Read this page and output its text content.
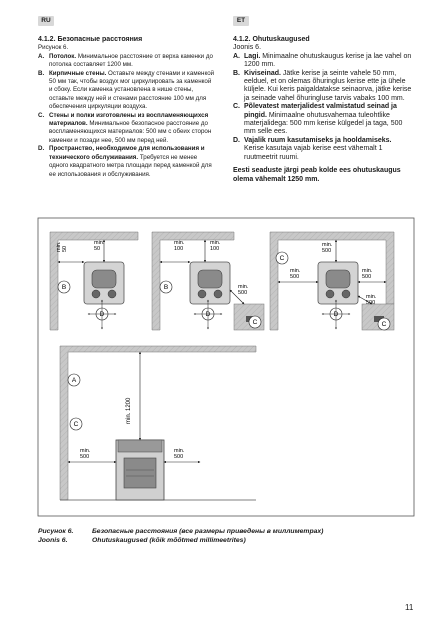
RU	ET

4.1.2. Безопасные расстояния

Рисунок 6.

A. Потолок. Минимальное расстояние от верха каменки до потолка составляет 1200 мм.
B. Кирпичные стены. Оставьте между стенами и каменкой 50 мм так, чтобы воздух мог циркулировать за каменкой и сбоку. Если каменка установлена в нише стены, оставьте между ней и стенами расстояние 100 мм для обеспечения циркуляции воздуха.
C. Стены и полки изготовлены из воспламеняющихся материалов. Минимальное безопасное расстояние до воспламеняющихся материалов: 500 мм с обеих сторон каменки и позади нее, 500 мм перед ней.
D. Пространство, необходимое для использования и технического обслуживания. Требуется не менее одного квадратного метра площади перед каменкой для ее использования и обслуживания.

4.1.2. Ohutuskaugused

Joonis 6.

A. Lagi. Minimaalne ohutuskaugus kerise ja lae vahel on 1200 mm.
B. Kiviseinad. Jätke kerise ja seinte vahele 50 mm, eelduel, et on olemas õhuringlus kerise ette ja ühele küljele. Kui keris paigaldatakse seinaorva, jätke kerise ja seinade vahel õhuringluse tarvis vabaks 100 mm.
C. Põlevatest materjalidest valmistatud seinad ja pingid. Minimaalne ohutusvahemaa tuleohtlike materjalidega: 500 mm kerise külgedel ja taga, 500 mm selle ees.
D. Vajalik ruum kasutamiseks ja hooldamiseks. Kerise kasutaja vajab kerise eest vähemalt 1 ruutmeetrit ruumi.

Eesti seaduste järgi peab kolde ees ohutuskaugus olema vähemalt 1250 mm.

min. 50
min.
50
B
D
min.
100
min.
100
min.
500
B
C
D
min.
500
min.
500
min.
500
min.
500
C
C
D
min. 1200
min.
500
min.
500
A
C
Рисунок 6.	Безопасные расстояния (все размеры приведены в миллиметрах)
Joonis 6.	Ohutuskaugused (kõik mõõtmed millimeetrites)
11
